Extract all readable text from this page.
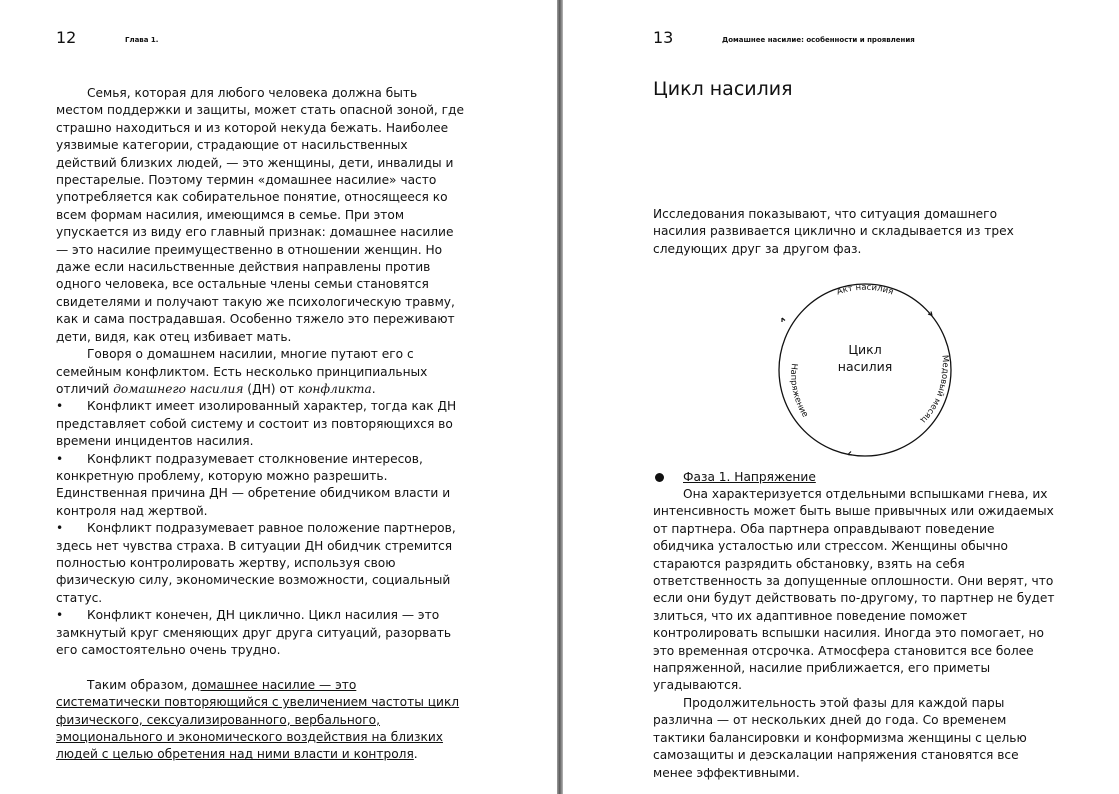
12	Глава 1.

Семья, которая для любого человека должна быть местом поддержки и защиты, может стать опасной зоной, где страшно находиться и из которой некуда бежать. Наиболее уязвимые категории, страдающие от насильственных действий близких людей, — это женщины, дети, инвалиды и престарелые. Поэтому термин «домашнее насилие» часто употребляется как собирательное понятие, относящееся ко всем формам насилия, имеющимся в семье. При этом упускается из виду его главный признак: домашнее насилие — это насилие преимущественно в отношении женщин. Но даже если насильственные действия направлены против одного человека, все остальные члены семьи становятся свидетелями и получают такую же психологическую травму, как и сама пострадавшая. Особенно тяжело это переживают дети, видя, как отец избивает мать.

Говоря о домашнем насилии, многие путают его с семейным конфликтом. Есть несколько принципиальных отличий домашнего насилия (ДН) от конфликта.

• Конфликт имеет изолированный характер, тогда как ДН представляет собой систему и состоит из повторяющихся во времени инцидентов насилия.
• Конфликт подразумевает столкновение интересов, конкретную проблему, которую можно разрешить. Единственная причина ДН — обретение обидчиком власти и контроля над жертвой.
• Конфликт подразумевает равное положение партнеров, здесь нет чувства страха. В ситуации ДН обидчик стремится полностью контролировать жертву, используя свою физическую силу, экономические возможности, социальный статус.
• Конфликт конечен, ДН циклично. Цикл насилия — это замкнутый круг сменяющих друг друга ситуаций, разорвать его самостоятельно очень трудно.

Таким образом, домашнее насилие — это систематически повторяющийся с увеличением частоты цикл физического, сексуализированного, вербального, эмоционального и экономического воздействия на близких людей с целью обретения над ними власти и контроля.

13	Домашнее насилие: особенности и проявления
Цикл насилия

Исследования показывают, что ситуация домашнего насилия развивается циклично и складывается из трех следующих друг за другом фаз.

Акт насилия
Медовый месяц
Напряжение
Цикл
насилия
Фаза 1. Напряжение

Она характеризуется отдельными вспышками гнева, их интенсивность может быть выше привычных или ожидаемых от партнера. Оба партнера оправдывают поведение обидчика усталостью или стрессом. Женщины обычно стараются разрядить обстановку, взять на себя ответственность за допущенные оплошности. Они верят, что если они будут действовать по-другому, то партнер не будет злиться, что их адаптивное поведение поможет контролировать вспышки насилия. Иногда это помогает, но это временная отсрочка. Атмосфера становится все более напряженной, насилие приближается, его приметы угадываются.

Продолжительность этой фазы для каждой пары различна — от нескольких дней до года. Со временем тактики балансировки и конформизма женщины с целью самозащиты и деэскалации напряжения становятся все менее эффективными.
